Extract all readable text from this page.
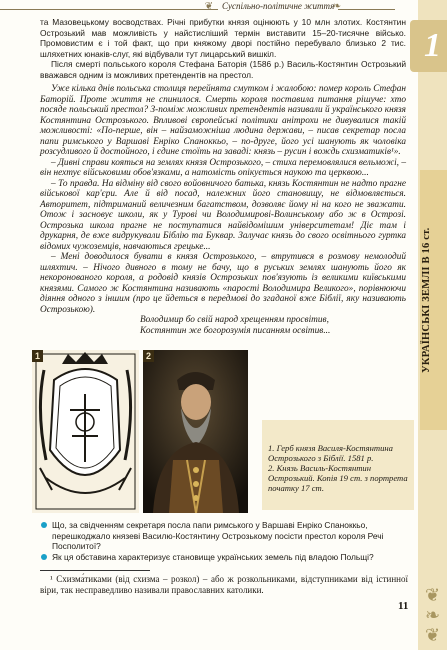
❦ Суспільно-політичне життя
❧
1
УКРАЇНСЬКІ ЗЕМЛІ В 16 ст.
❦
❧
❦

та Мазовецькому восводствах. Річні прибутки князя оцінюють у 10 млн злотих. Костянтин Острозький мав можливість у найстисліший термін виставити 15–20-тисячне військо. Промовистим є і той факт, що при княжому дворі постійно перебувало близько 2 тис. шляхетних юнаків-слуг, які відбували тут лицарський вишкіл.

Після смерті польського короля Стефана Баторія (1586 р.) Василь-Костянтин Острозький вважався одним із можливих претендентів на престол.

Уже кілька днів польська столиця перейнята смутком і жалобою: помер король Стефан Баторій. Проте життя не спинилося. Смерть короля поставила питання рішуче: хто посяде польський престол? З-поміж можливих претендентів називали й українського князя Костянтина Острозького. Впливові європейські політики анітрохи не дивувалися такій можливості: «По-перше, він – найзаможніша людина держави, – писав секретар посла папи римського у Варшаві Енріко Спаноккьо, – по-друге, його усі шанують як чоловіка розсудливого й достойного, і єдине стоїть на заваді: князь – русин і вождь схизматиків¹».

– Дивні справи кояться на землях князя Острозького, – стиха перемовлялися вельможі, – він нехтує військовими обов'язками, а натомість опікується наукою та церквою...

– То правда. На відміну від свого войовничого батька, князь Костянтин не надто прагне військової кар'єри. Але й від посад, належних його становищу, не відмовляється. Авторитет, підтриманий величезним багатством, дозволяє йому ні на кого не зважати. Отож і засновує школи, як у Турові чи Володимирові-Волинському або ж в Острозі. Острозька школа прагне не поступатися найвідомішим університетам! Діє там і друкарня, де вже видрукували Біблію та Буквар. Залучає князь до свого освітнього гуртка відомих чужоземців, навчаються грецьке...

– Мені доводилося бувати в князя Острозького, – втрутився в розмову немолодий шляхтич. – Нічого дивного в тому не бачу, що в руських землях шанують його як некоронованого короля, а родовід князів Острозьких пов'язують із великими київськими князями. Самого ж Костянтина називають «парості Володимира Великого», порівнюючи діяння одного з іншим (про це йдеться в передмові до згаданої вже Біблії, яку називають Острозькою).

Володимир бо свій народ хрещенням просвітив,

Костянтин же богорозумія писанням освітив...

1	2

1. Герб князя Василя-Костянтина Острозького з Біблії. 1581 р.

2. Князь Василь-Костянтин Острозький. Копія 19 ст. з портрета початку 17 ст.

Що, за свідченням секретаря посла папи римського у Варшаві Енріко Спаноккьо, перешкоджало князеві Василю-Костянтину Острозькому посісти престол короля Речі Посполитої?

Як ця обставина характеризує становище українських земель під владою Польщі?

¹ Схизма́тиками (від схизма – розкол) – або ж розкольниками, відступниками від істинної віри, так несправедливо називали православних католики.
11
